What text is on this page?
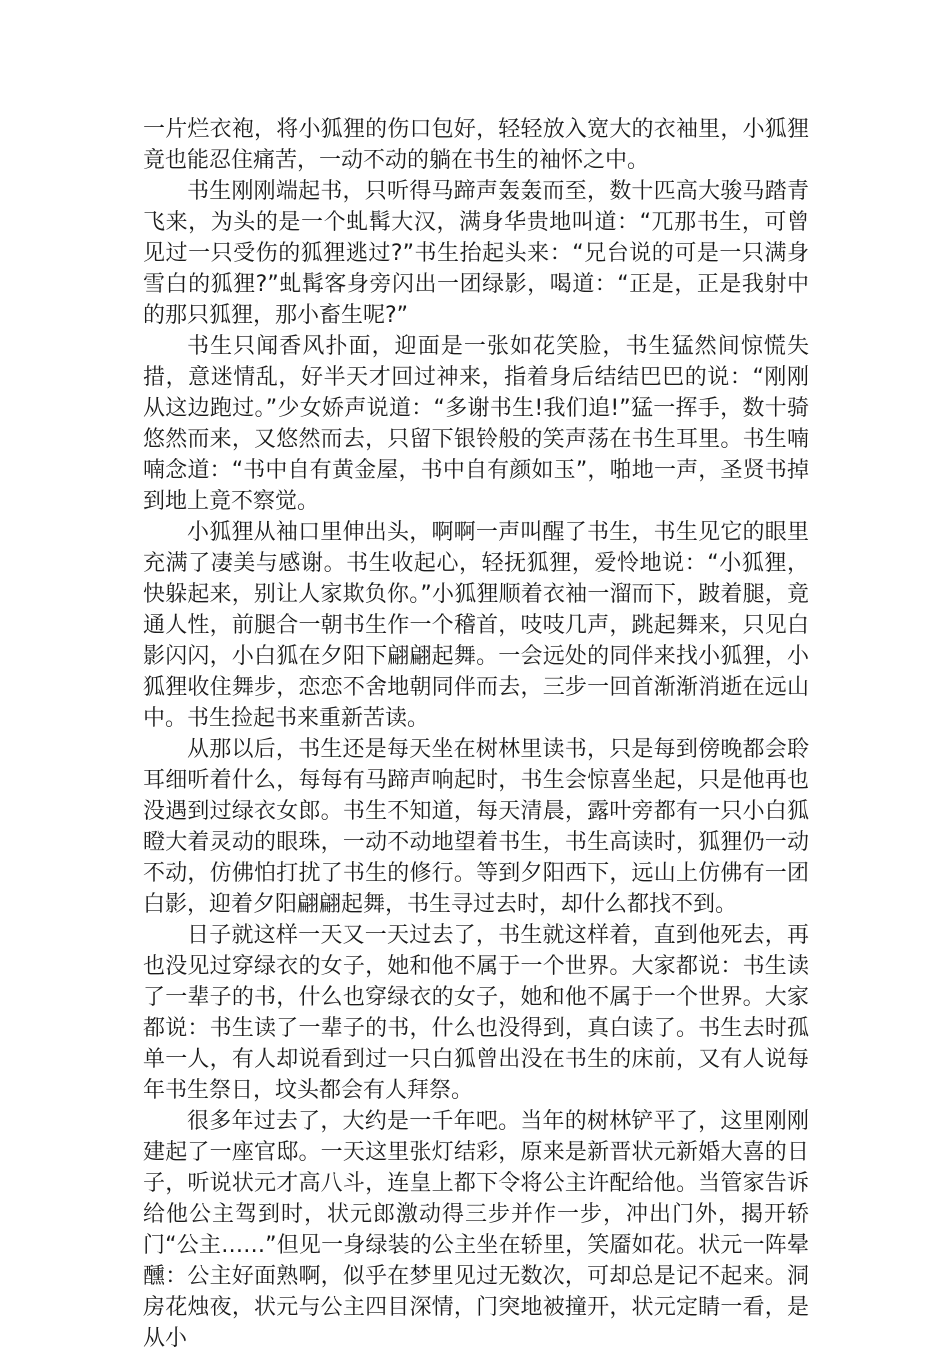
一片烂衣袍，将小狐狸的伤口包好，轻轻放入宽大的衣袖里，小狐狸竟也能忍住痛苦，一动不动的躺在书生的袖怀之中。

书生刚刚端起书，只听得马蹄声轰轰而至，数十匹高大骏马踏青飞来，为头的是一个虬髯大汉，满身华贵地叫道：“兀那书生，可曾见过一只受伤的狐狸逃过?”书生抬起头来：“兄台说的可是一只满身雪白的狐狸?”虬髯客身旁闪出一团绿影，喝道：“正是，正是我射中的那只狐狸，那小畜生呢?”

书生只闻香风扑面，迎面是一张如花笑脸，书生猛然间惊慌失措，意迷情乱，好半天才回过神来，指着身后结结巴巴的说：“刚刚从这边跑过。”少女娇声说道：“多谢书生!我们追!”猛一挥手，数十骑悠然而来，又悠然而去，只留下银铃般的笑声荡在书生耳里。书生喃喃念道：“书中自有黄金屋，书中自有颜如玉”，啪地一声，圣贤书掉到地上竟不察觉。

小狐狸从袖口里伸出头，啊啊一声叫醒了书生，书生见它的眼里充满了凄美与感谢。书生收起心，轻抚狐狸，爱怜地说：“小狐狸，快躲起来，别让人家欺负你。”小狐狸顺着衣袖一溜而下，跛着腿，竟通人性，前腿合一朝书生作一个稽首，吱吱几声，跳起舞来，只见白影闪闪，小白狐在夕阳下翩翩起舞。一会远处的同伴来找小狐狸，小狐狸收住舞步，恋恋不舍地朝同伴而去，三步一回首渐渐消逝在远山中。书生捡起书来重新苦读。

从那以后，书生还是每天坐在树林里读书，只是每到傍晚都会聆耳细听着什么，每每有马蹄声响起时，书生会惊喜坐起，只是他再也没遇到过绿衣女郎。书生不知道，每天清晨，露叶旁都有一只小白狐瞪大着灵动的眼珠，一动不动地望着书生，书生高读时，狐狸仍一动不动，仿佛怕打扰了书生的修行。等到夕阳西下，远山上仿佛有一团白影，迎着夕阳翩翩起舞，书生寻过去时，却什么都找不到。

日子就这样一天又一天过去了，书生就这样着，直到他死去，再也没见过穿绿衣的女子，她和他不属于一个世界。大家都说：书生读了一辈子的书，什么也穿绿衣的女子，她和他不属于一个世界。大家都说：书生读了一辈子的书，什么也没得到，真白读了。书生去时孤单一人，有人却说看到过一只白狐曾出没在书生的床前，又有人说每年书生祭日，坟头都会有人拜祭。

很多年过去了，大约是一千年吧。当年的树林铲平了，这里刚刚建起了一座官邸。一天这里张灯结彩，原来是新晋状元新婚大喜的日子，听说状元才高八斗，连皇上都下令将公主许配给他。当管家告诉给他公主驾到时，状元郎激动得三步并作一步，冲出门外，揭开轿门“公主……”但见一身绿装的公主坐在轿里，笑靥如花。状元一阵晕醺：公主好面熟啊，似乎在梦里见过无数次，可却总是记不起来。洞房花烛夜，状元与公主四目深情，门突地被撞开，状元定睛一看，是从小
